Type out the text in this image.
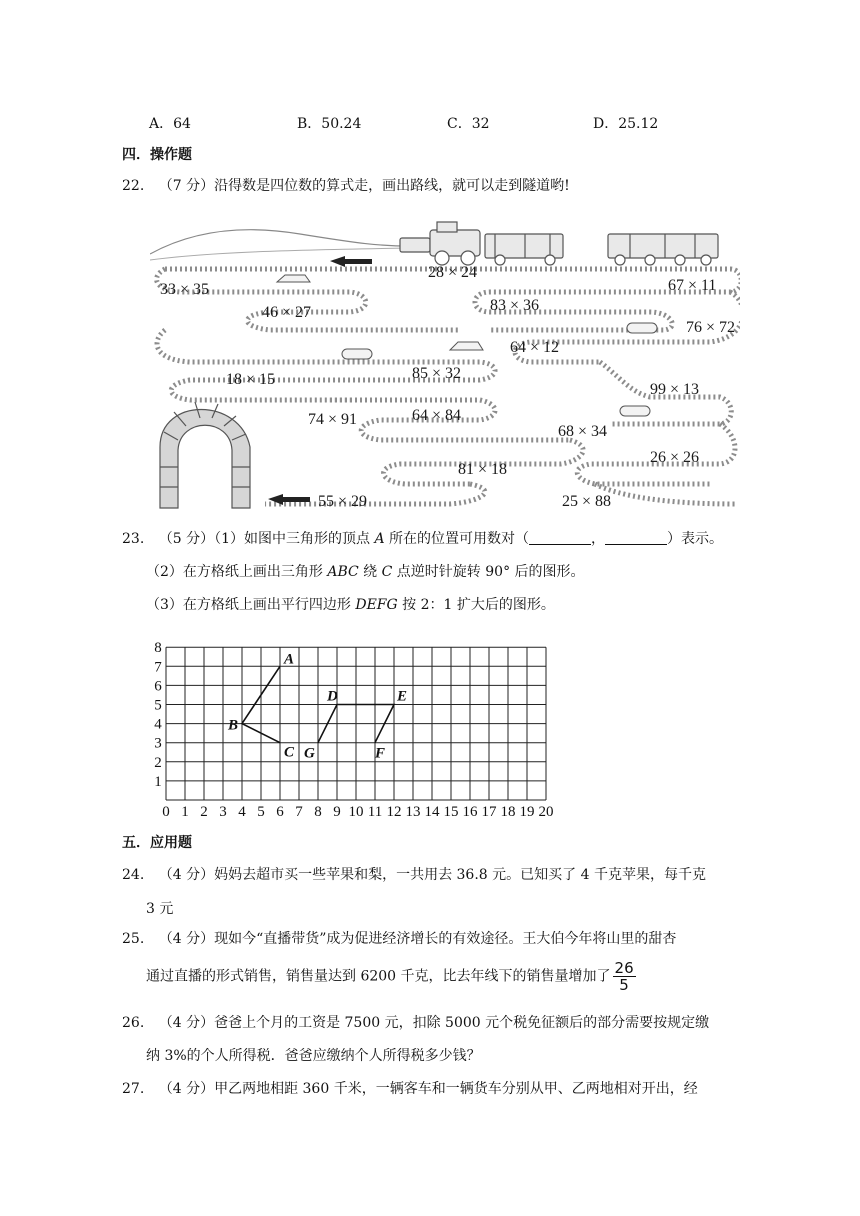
A．64	B．50.24	C．32	D．25.12
四．操作题
22. （7 分）沿得数是四位数的算式走，画出路线，就可以走到隧道哟!
28 × 24
33 × 35	67 × 11
46 × 27	83 × 36
76 × 72
64 × 12
18 × 15	85 × 32
99 × 13
64 × 84
68 × 34
74 × 91
26 × 26
81 × 18
55 × 29	25 × 88
23. （5 分）（1）如图中三角形的顶点 A 所在的位置可用数对（	，	）表示。
（2）在方格纸上画出三角形 ABC 绕 C 点逆时针旋转 90° 后的图形。
（3）在方格纸上画出平行四边形 DEFG 按 2：1 扩大后的图形。
0 1 2 3 4 5 6 7 8 9 10 11 12 13 14 15 16 17 18 19 20
1
2
3
4
5
6
7
8
A
B
C
D	E
F
G
五．应用题
24. （4 分）妈妈去超市买一些苹果和梨，一共用去 36.8 元。已知买了 4 千克苹果，每千克
3 元
25. （4 分）现如今“直播带货”成为促进经济增长的有效途径。王大伯今年将山里的甜杏
通过直播的形式销售，销售量达到 6200 千克，比去年线下的销售量增加了 $\frac{26}{5}$
26. （4 分）爸爸上个月的工资是 7500 元，扣除 5000 元个税免征额后的部分需要按规定缴
纳 3%的个人所得税．爸爸应缴纳个人所得税多少钱？
27. （4 分）甲乙两地相距 360 千米，一辆客车和一辆货车分别从甲、乙两地相对开出，经
